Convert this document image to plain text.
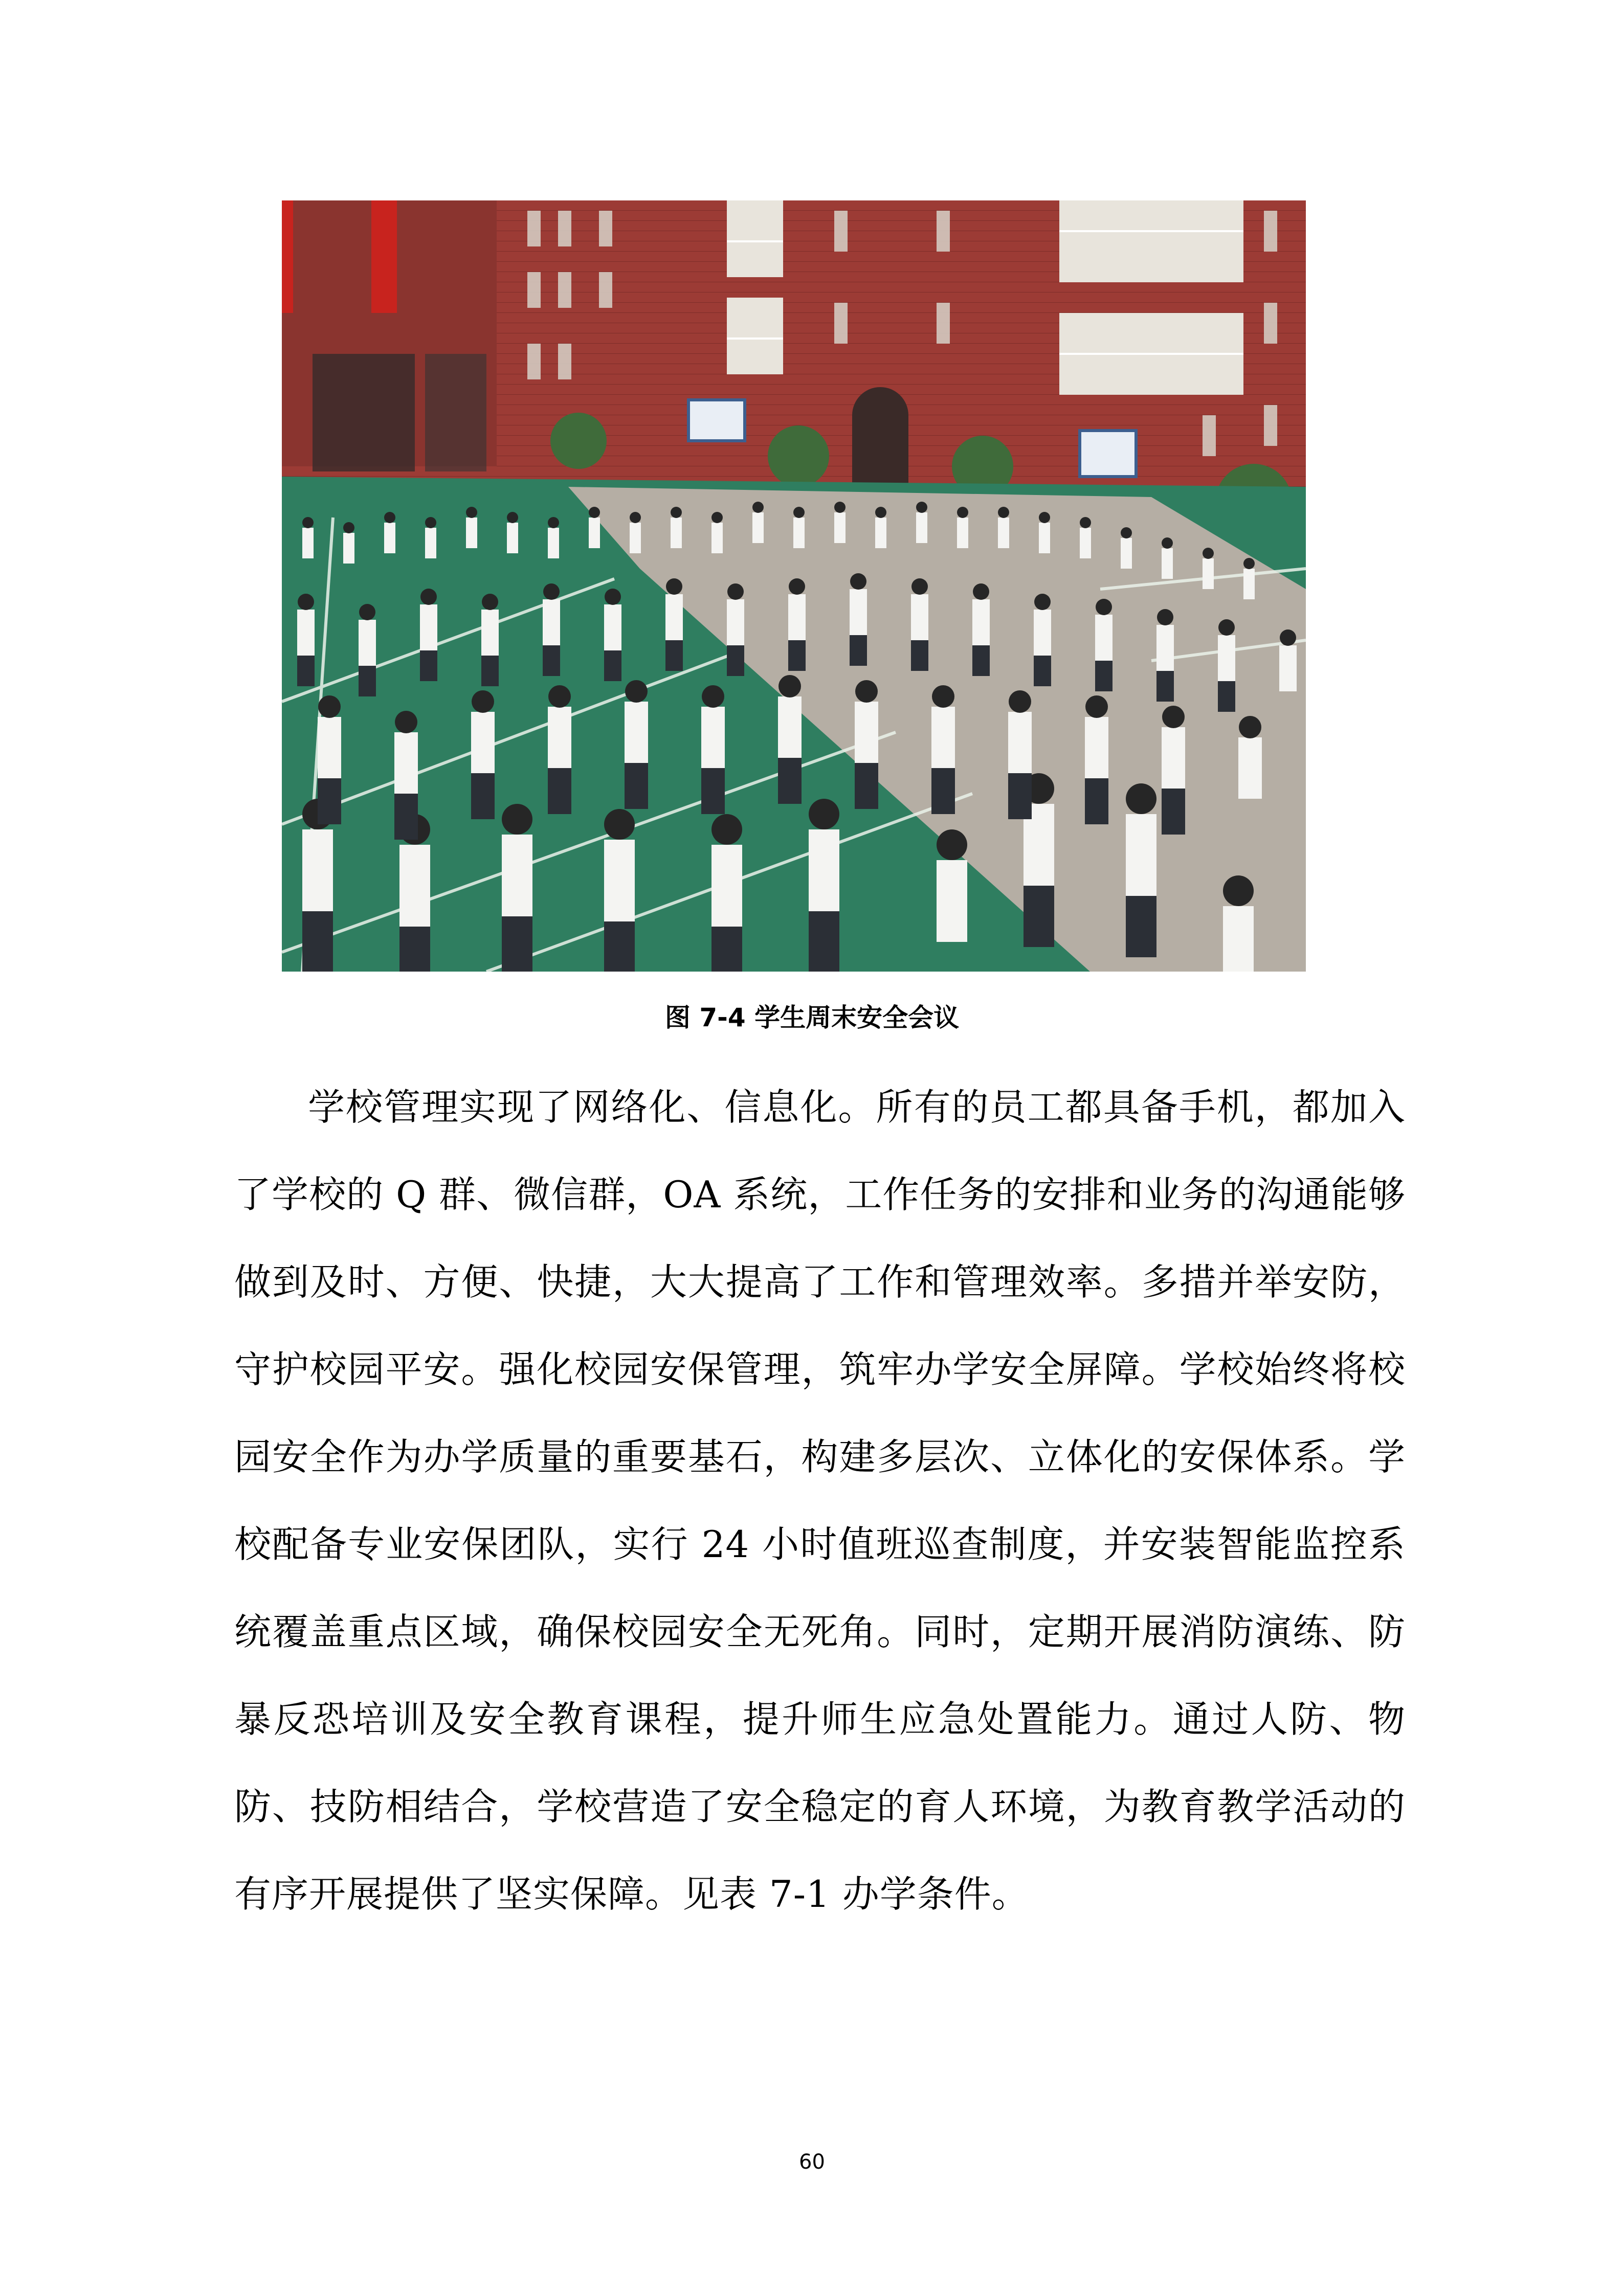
图 7-4 学生周末安全会议
学校管理实现了网络化、信息化。所有的员工都具备手机，都加入了学校的 Q 群、微信群，OA 系统，工作任务的安排和业务的沟通能够做到及时、方便、快捷，大大提高了工作和管理效率。多措并举安防，守护校园平安。强化校园安保管理，筑牢办学安全屏障。学校始终将校园安全作为办学质量的重要基石，构建多层次、立体化的安保体系。学校配备专业安保团队，实行 24 小时值班巡查制度，并安装智能监控系统覆盖重点区域，确保校园安全无死角。同时，定期开展消防演练、防暴反恐培训及安全教育课程，提升师生应急处置能力。通过人防、物防、技防相结合，学校营造了安全稳定的育人环境，为教育教学活动的有序开展提供了坚实保障。见表 7-1 办学条件。
60
